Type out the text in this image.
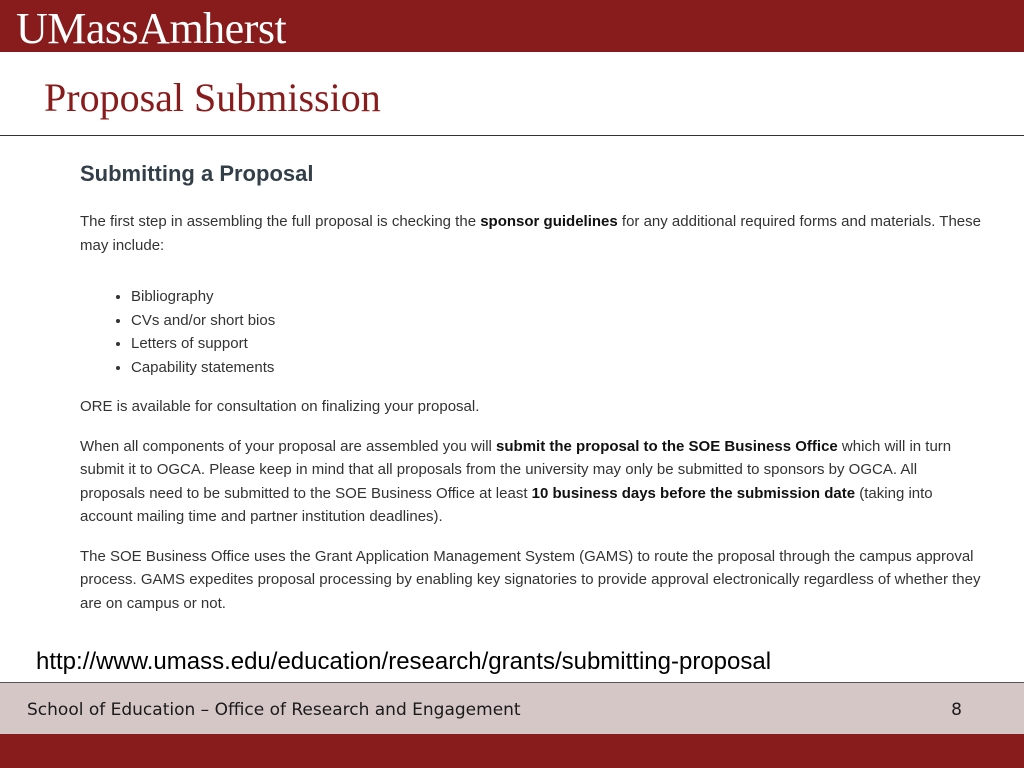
UMassAmherst
Proposal Submission
Submitting a Proposal

The first step in assembling the full proposal is checking the sponsor guidelines for any additional required forms and materials. These may include:

• Bibliography
• CVs and/or short bios
• Letters of support
• Capability statements

ORE is available for consultation on finalizing your proposal.

When all components of your proposal are assembled you will submit the proposal to the SOE Business Office which will in turn submit it to OGCA. Please keep in mind that all proposals from the university may only be submitted to sponsors by OGCA. All proposals need to be submitted to the SOE Business Office at least 10 business days before the submission date (taking into account mailing time and partner institution deadlines).

The SOE Business Office uses the Grant Application Management System (GAMS) to route the proposal through the campus approval process. GAMS expedites proposal processing by enabling key signatories to provide approval electronically regardless of whether they are on campus or not.

http://www.umass.edu/education/research/grants/submitting-proposal

School of Education – Office of Research and Engagement	8
